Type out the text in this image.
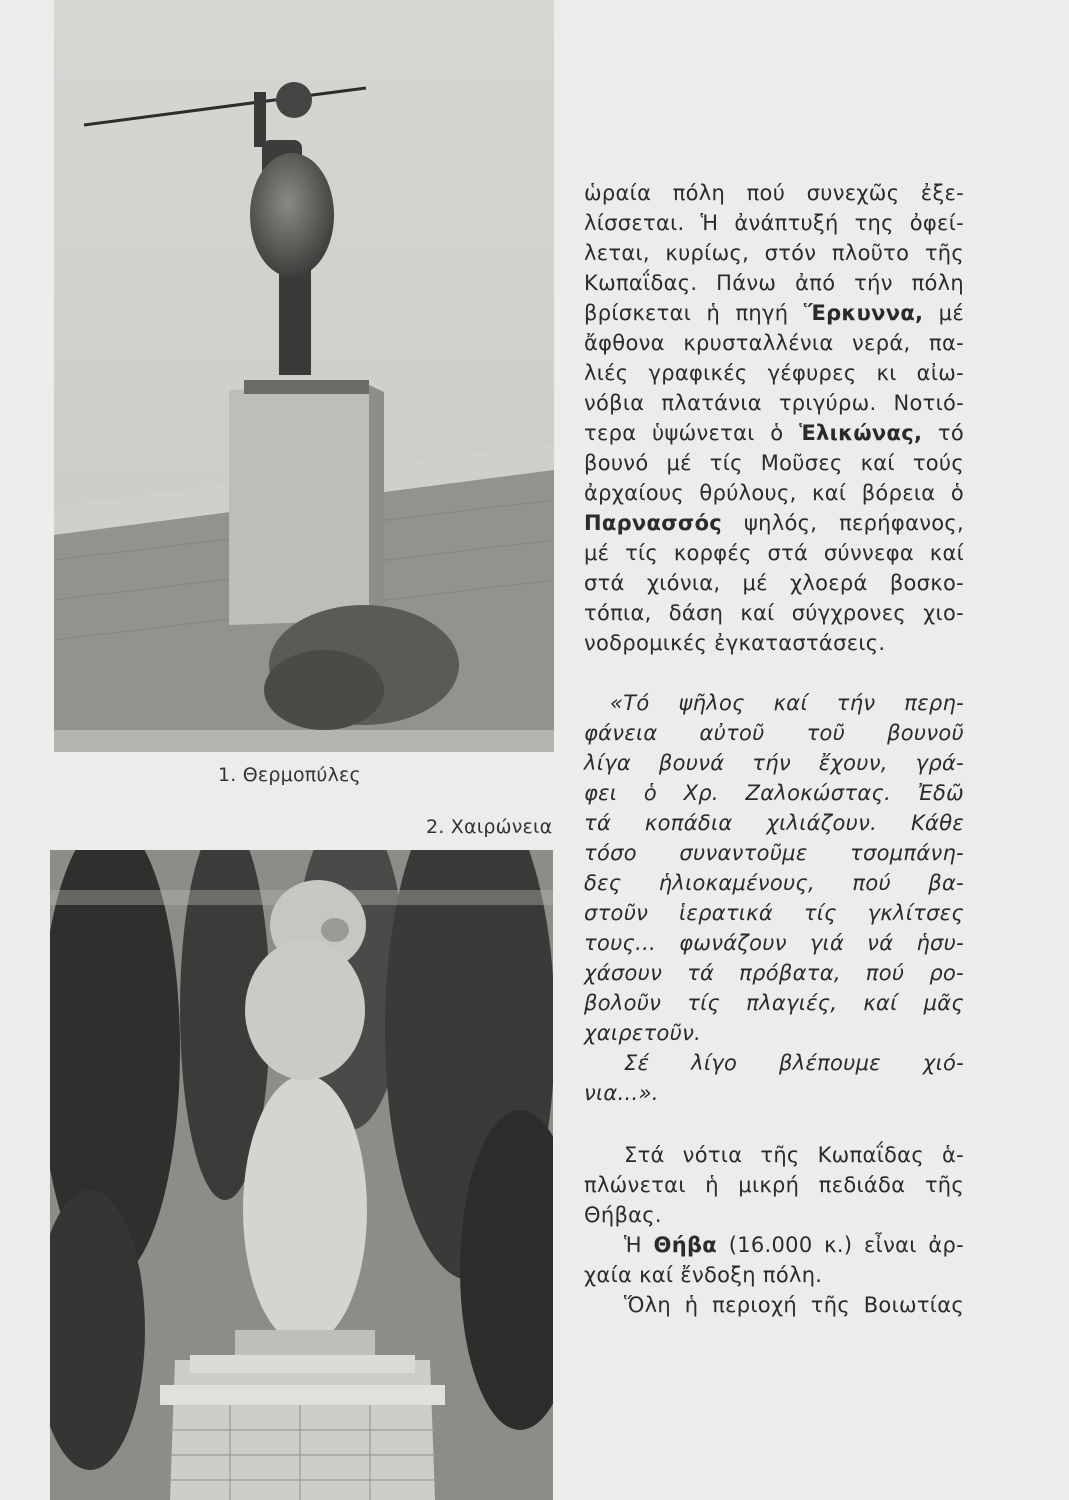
1. Θερμοπύλες
2. Χαιρώνεια
ὡραία πόλη πού συνεχῶς ἐξε-
λίσσεται. Ἡ ἀνάπτυξή της ὀφεί-
λεται, κυρίως, στόν πλοῦτο τῆς
Κωπαΐδας. Πάνω ἀπό τήν πόλη
βρίσκεται ἡ πηγή Ἕρκυννα, μέ
ἄφθονα κρυσταλλένια νερά, πα-
λιές γραφικές γέφυρες κι αἰω-
νόβια πλατάνια τριγύρω. Νοτιό-
τερα ὑψώνεται ὁ Ἑλικώνας, τό
βουνό μέ τίς Μοῦσες καί τούς
ἀρχαίους θρύλους, καί βόρεια ὁ
Παρνασσός ψηλός, περήφανος,
μέ τίς κορφές στά σύννεφα καί
στά χιόνια, μέ χλοερά βοσκο-
τόπια, δάση καί σύγχρονες χιο-
νοδρομικές ἐγκαταστάσεις.
«Τό ψῆλος καί τήν περη-
φάνεια αὐτοῦ τοῦ βουνοῦ
λίγα βουνά τήν ἔχουν, γρά-
φει ὁ Χρ. Ζαλοκώστας. Ἐδῶ
τά κοπάδια χιλιάζουν. Κάθε
τόσο συναντοῦμε τσομπάνη-
δες ἡλιοκαμένους, πού βα-
στοῦν ἱερατικά τίς γκλίτσες
τους... φωνάζουν γιά νά ἡσυ-
χάσουν τά πρόβατα, πού ρο-
βολοῦν τίς πλαγιές, καί μᾶς
χαιρετοῦν.
Σέ λίγο βλέπουμε χιό-
νια...».
Στά νότια τῆς Κωπαΐδας ἁ-
πλώνεται ἡ μικρή πεδιάδα τῆς
Θήβας.
Ἡ Θήβα (16.000 κ.) εἶναι ἀρ-
χαία καί ἔνδοξη πόλη.
Ὅλη ἡ περιοχή τῆς Βοιωτίας
